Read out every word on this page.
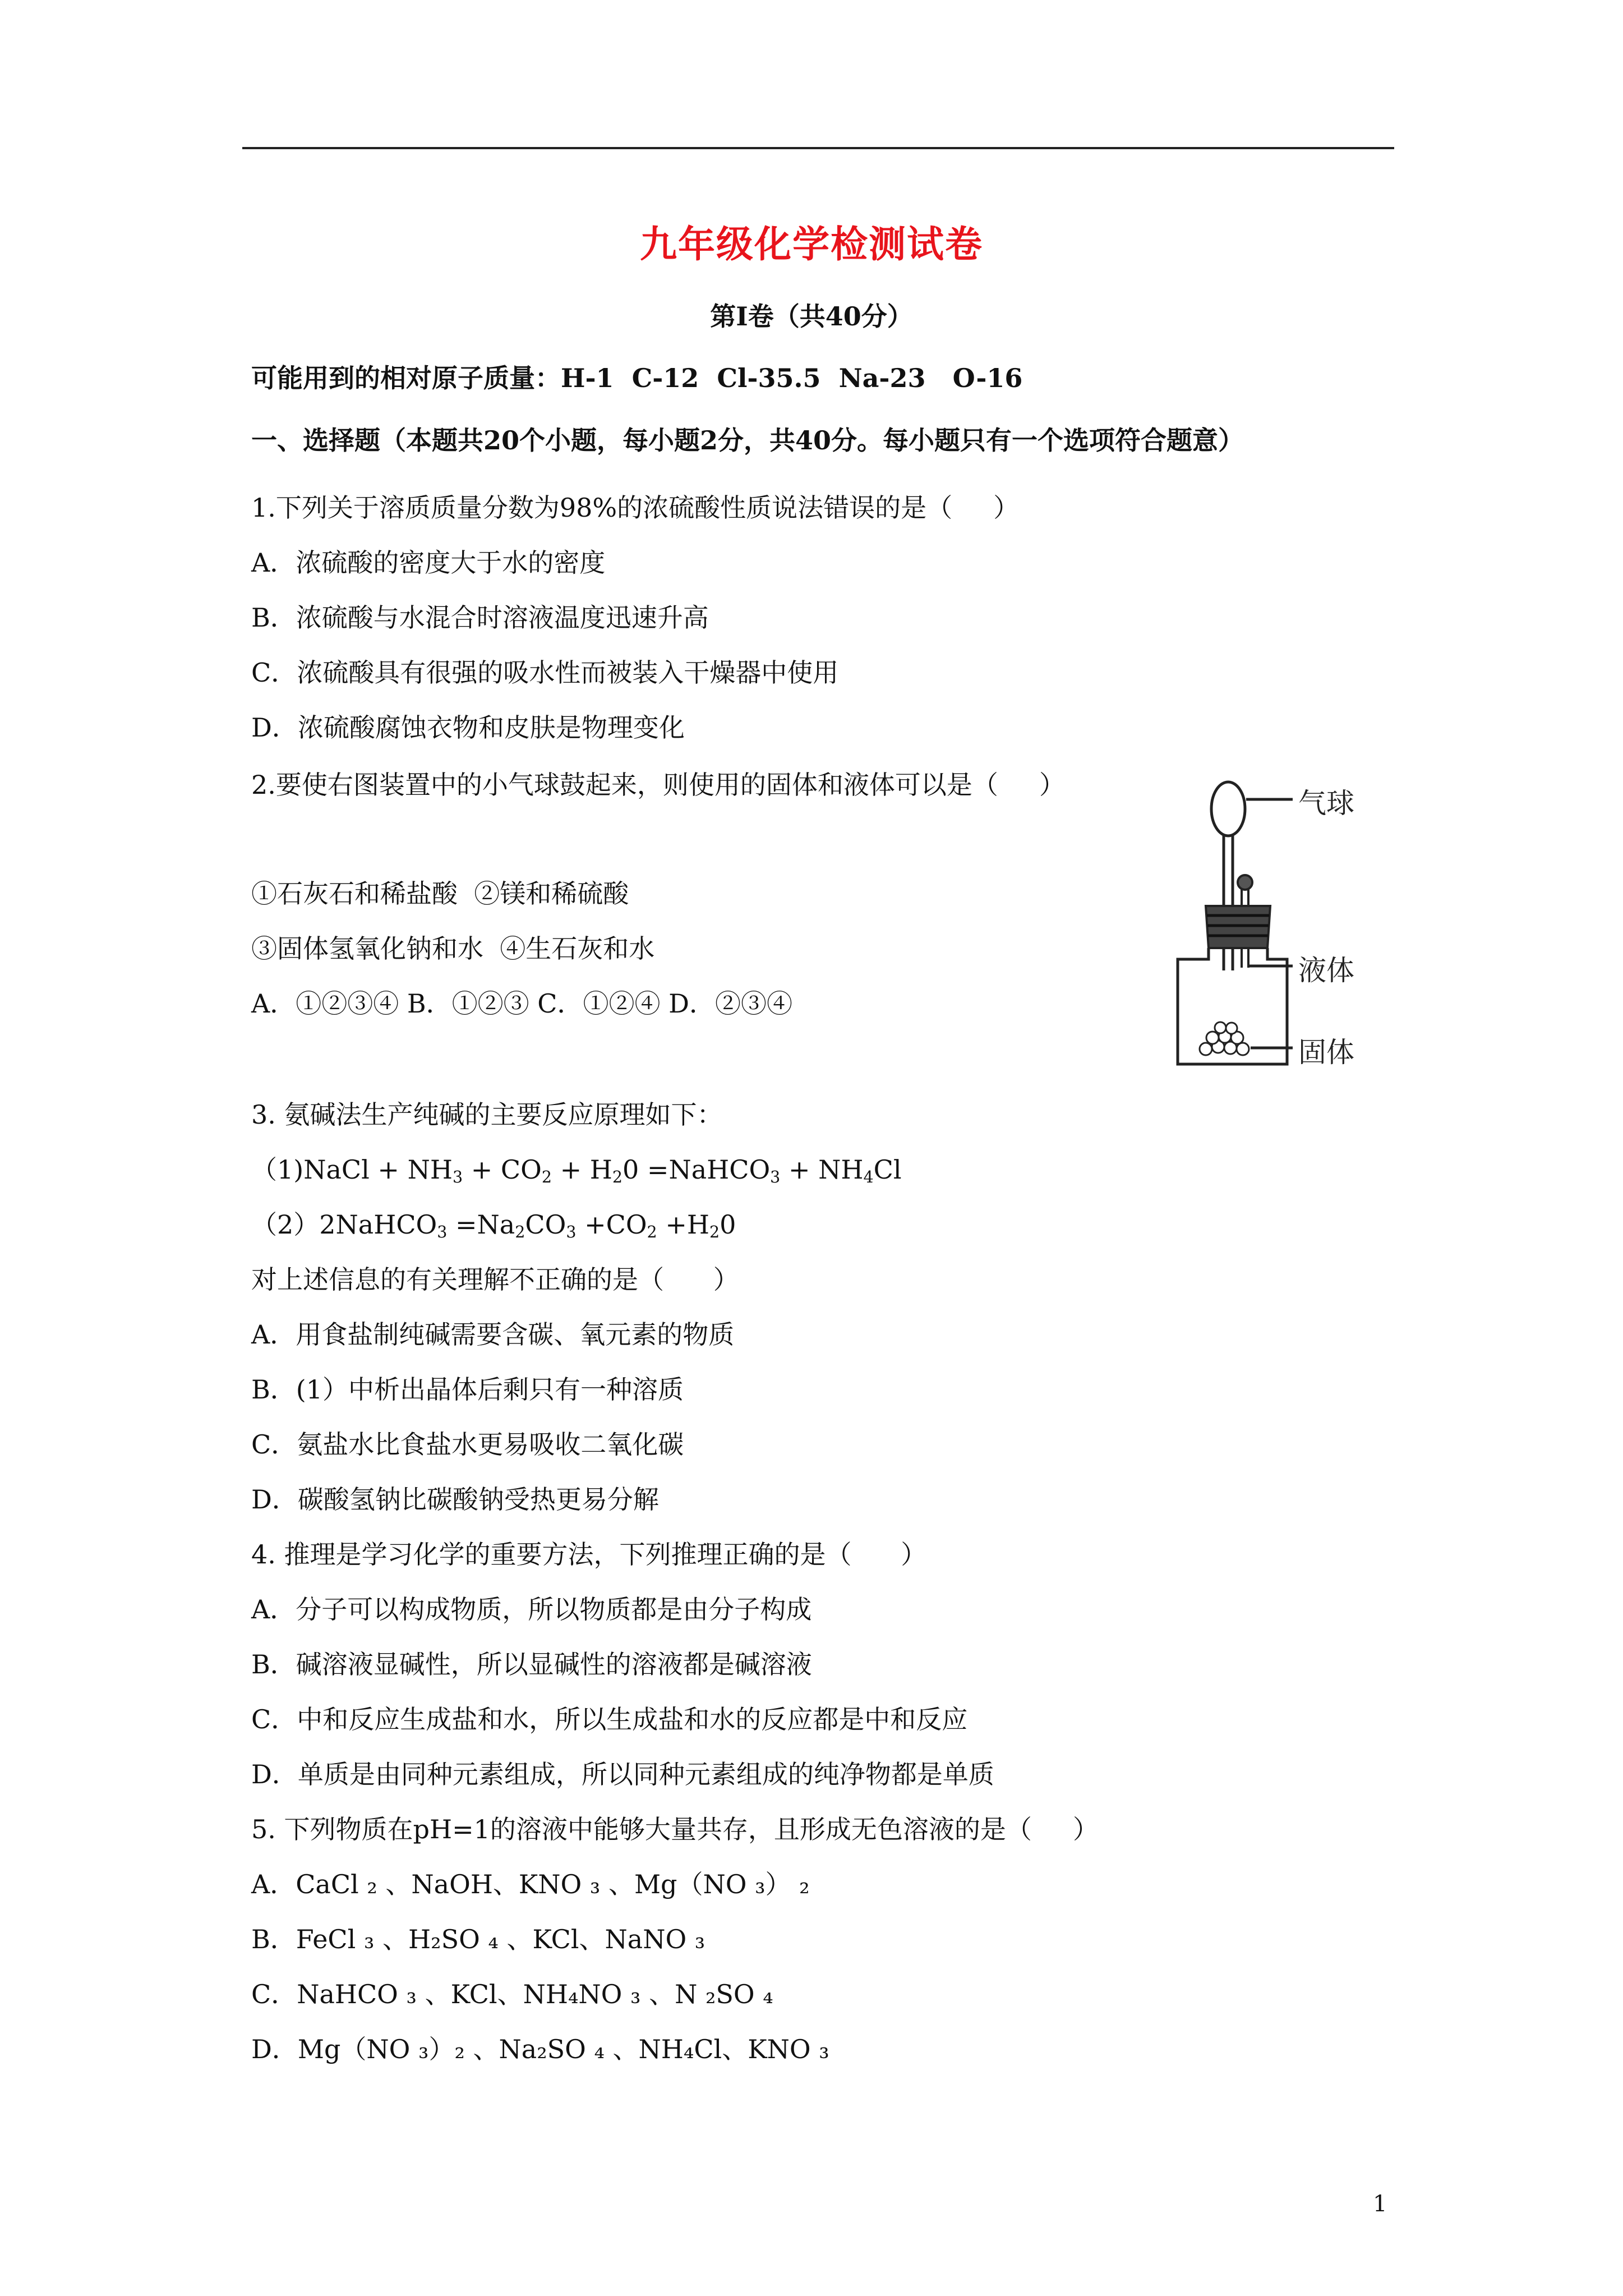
九年级化学检测试卷
第Ⅰ卷（共40分）
可能用到的相对原子质量：H-1  C-12  Cl-35.5  Na-23   O-16
一、选择题（本题共20个小题，每小题2分，共40分。每小题只有一个选项符合题意）
1.下列关于溶质质量分数为98%的浓硫酸性质说法错误的是（     ）
A．浓硫酸的密度大于水的密度
B．浓硫酸与水混合时溶液温度迅速升高
C．浓硫酸具有很强的吸水性而被装入干燥器中使用
D．浓硫酸腐蚀衣物和皮肤是物理变化
2.要使右图装置中的小气球鼓起来，则使用的固体和液体可以是（     ）
①石灰石和稀盐酸  ②镁和稀硫酸
③固体氢氧化钠和水  ④生石灰和水
A．①②③④ B．①②③ C．①②④ D．②③④
气球
液体
固体
3. 氨碱法生产纯碱的主要反应原理如下：
（1)NaCl + $NH_3 + CO_2 + H_20$ =NaHCO$_3$ + $NH_4Cl$
（2）2NaHCO$_3$ $=Na_2CO_3 +CO_2 +H_20$
对上述信息的有关理解不正确的是（      ）
A．用食盐制纯碱需要含碳、氧元素的物质
B．(1）中析出晶体后剩只有一种溶质
C．氨盐水比食盐水更易吸收二氧化碳
D．碳酸氢钠比碳酸钠受热更易分解
4. 推理是学习化学的重要方法，下列推理正确的是（      ）
A．分子可以构成物质，所以物质都是由分子构成
B．碱溶液显碱性，所以显碱性的溶液都是碱溶液
C．中和反应生成盐和水，所以生成盐和水的反应都是中和反应
D．单质是由同种元素组成，所以同种元素组成的纯净物都是单质
5. 下列物质在pH=1的溶液中能够大量共存，且形成无色溶液的是（     ）
A．CaCl ₂ 、NaOH、KNO ₃ 、Mg（NO ₃） ₂
B．FeCl ₃ 、H₂SO ₄ 、KCl、NaNO ₃
C．NaHCO ₃ 、KCl、NH₄NO ₃ 、N ₂SO ₄
D．Mg（NO ₃）₂ 、Na₂SO ₄ 、NH₄Cl、KNO ₃
1
